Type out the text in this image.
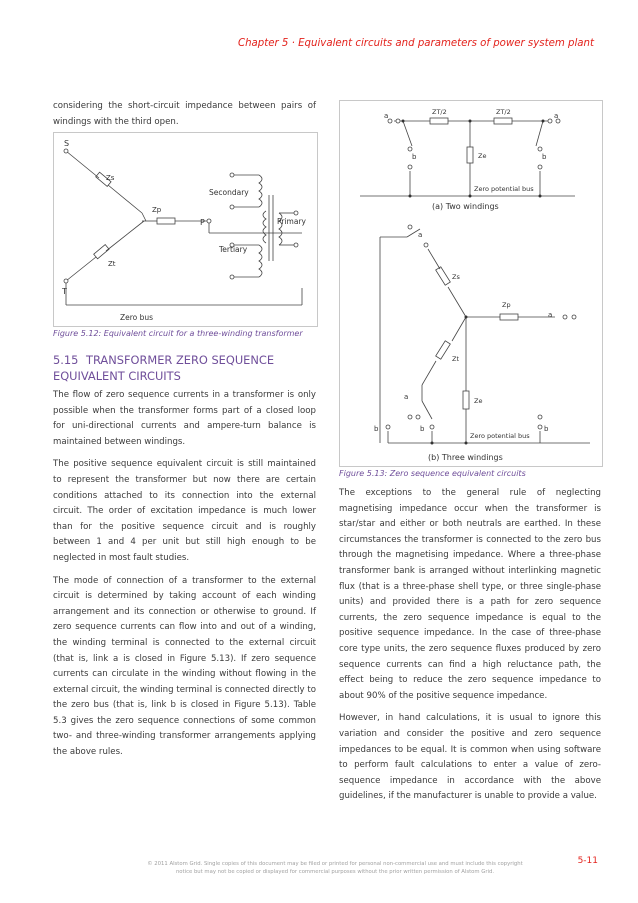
Chapter 5 · Equivalent circuits and parameters of power system plant

considering the short-circuit impedance between pairs of windings with the third open.

S
Zs
Zp
P
Zt
T
Zero bus
Secondary
Primary
Tertiary
Figure 5.12: Equivalent circuit for a three-winding transformer
5.15 TRANSFORMER ZERO SEQUENCE EQUIVALENT CIRCUITS

The flow of zero sequence currents in a transformer is only possible when the transformer forms part of a closed loop for uni-directional currents and ampere-turn balance is maintained between windings.

The positive sequence equivalent circuit is still maintained to represent the transformer but now there are certain conditions attached to its connection into the external circuit. The order of excitation impedance is much lower than for the positive sequence circuit and is roughly between 1 and 4 per unit but still high enough to be neglected in most fault studies.

The mode of connection of a transformer to the external circuit is determined by taking account of each winding arrangement and its connection or otherwise to ground. If zero sequence currents can flow into and out of a winding, the winding terminal is connected to the external circuit (that is, link a is closed in Figure 5.13). If zero sequence currents can circulate in the winding without flowing in the external circuit, the winding terminal is connected directly to the zero bus (that is, link b is closed in Figure 5.13). Table 5.3 gives the zero sequence connections of some common two- and three-winding transformer arrangements applying the above rules.

ZT/2	ZT/2
a	a
b	b
Ze
Zero potential bus
(a) Two windings
a
Zs
Zp
a
Zt
a	Ze
b	b	b
Zero potential bus
(b) Three windings
Figure 5.13: Zero sequence equivalent circuits

The exceptions to the general rule of neglecting magnetising impedance occur when the transformer is star/star and either or both neutrals are earthed. In these circumstances the transformer is connected to the zero bus through the magnetising impedance. Where a three-phase transformer bank is arranged without interlinking magnetic flux (that is a three-phase shell type, or three single-phase units) and provided there is a path for zero sequence currents, the zero sequence impedance is equal to the positive sequence impedance. In the case of three-phase core type units, the zero sequence fluxes produced by zero sequence currents can find a high reluctance path, the effect being to reduce the zero sequence impedance to about 90% of the positive sequence impedance.

However, in hand calculations, it is usual to ignore this variation and consider the positive and zero sequence impedances to be equal. It is common when using software to perform fault calculations to enter a value of zero-sequence impedance in accordance with the above guidelines, if the manufacturer is unable to provide a value.

© 2011 Alstom Grid. Single copies of this document may be filed or printed for personal non-commercial use and must include this copyright notice but may not be copied or displayed for commercial purposes without the prior written permission of Alstom Grid.
5-11
